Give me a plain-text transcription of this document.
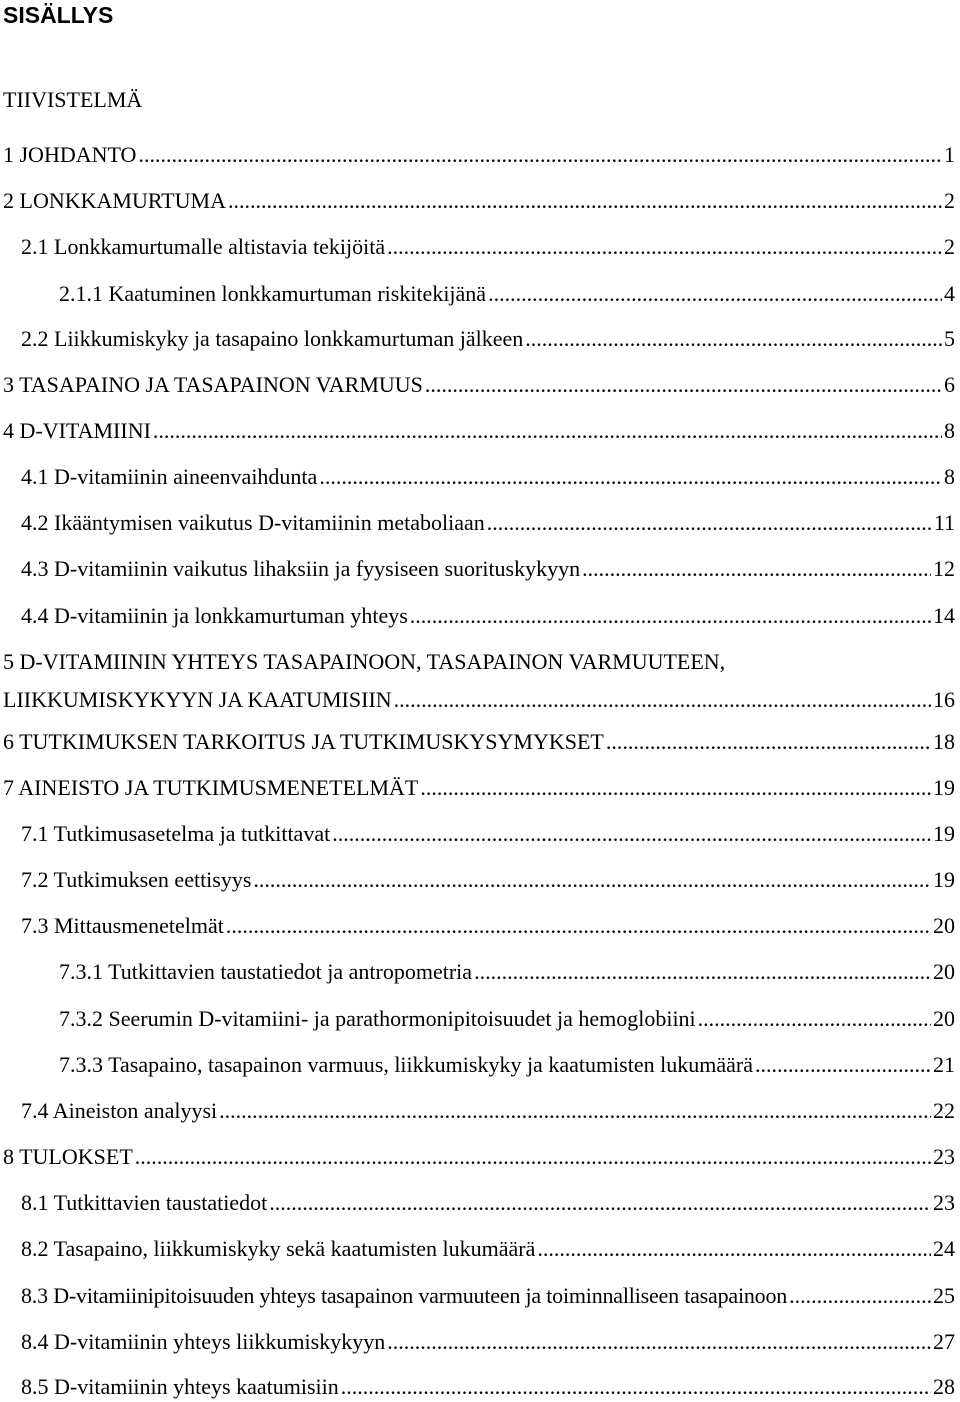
SISÄLLYS
TIIVISTELMÄ
1 JOHDANTO .....	1
2 LONKKAMURTUMA .....	2
2.1 Lonkkamurtumalle altistavia tekijöitä .....	2
2.1.1 Kaatuminen lonkkamurtuman riskitekijänä .....	4
2.2 Liikkumiskyky ja tasapaino lonkkamurtuman jälkeen .....	5
3 TASAPAINO JA TASAPAINON VARMUUS .....	6
4 D-VITAMIINI .....	8
4.1 D-vitamiinin aineenvaihdunta .....	8
4.2 Ikääntymisen vaikutus D-vitamiinin metaboliaan .....	11
4.3 D-vitamiinin vaikutus lihaksiin ja fyysiseen suorituskykyyn .....	12
4.4 D-vitamiinin ja lonkkamurtuman yhteys .....	14
5 D-VITAMIININ YHTEYS TASAPAINOON, TASAPAINON VARMUUTEEN,
LIIKKUMISKYKYYN JA KAATUMISIIN .....	16
6 TUTKIMUKSEN TARKOITUS JA TUTKIMUSKYSYMYKSET .....	18
7 AINEISTO JA TUTKIMUSMENETELMÄT .....	19
7.1 Tutkimusasetelma ja tutkittavat .....	19
7.2 Tutkimuksen eettisyys .....	19
7.3 Mittausmenetelmät .....	20
7.3.1 Tutkittavien taustatiedot ja antropometria .....	20
7.3.2 Seerumin D-vitamiini- ja parathormonipitoisuudet ja hemoglobiini .....	20
7.3.3 Tasapaino, tasapainon varmuus, liikkumiskyky ja kaatumisten lukumäärä .....	21
7.4 Aineiston analyysi .....	22
8 TULOKSET .....	23
8.1 Tutkittavien taustatiedot .....	23
8.2 Tasapaino, liikkumiskyky sekä kaatumisten lukumäärä .....	24
8.3 D-vitamiinipitoisuuden yhteys tasapainon varmuuteen ja toiminnalliseen tasapainoon .....	25
8.4 D-vitamiinin yhteys liikkumiskykyyn .....	27
8.5 D-vitamiinin yhteys kaatumisiin .....	28
